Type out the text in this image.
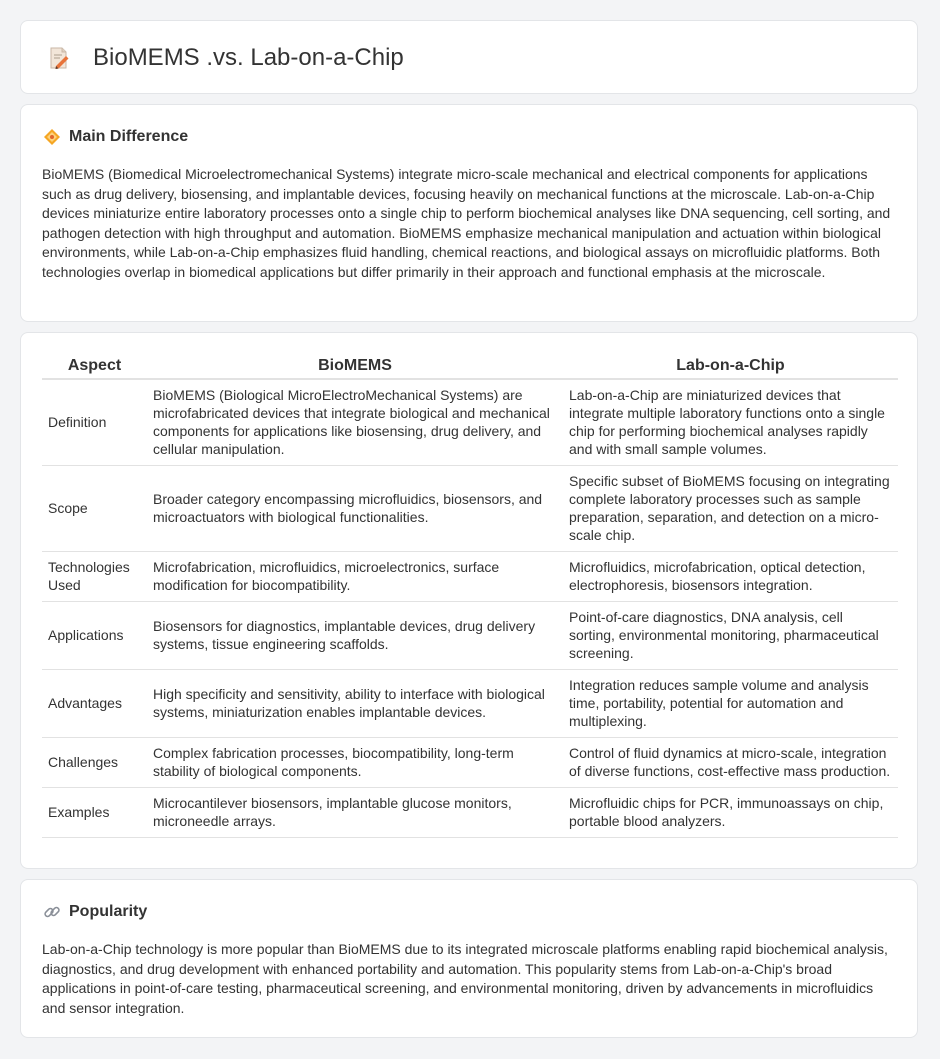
BioMEMS .vs. Lab-on-a-Chip
Main Difference

BioMEMS (Biomedical Microelectromechanical Systems) integrate micro-scale mechanical and electrical components for applications such as drug delivery, biosensing, and implantable devices, focusing heavily on mechanical functions at the microscale. Lab-on-a-Chip devices miniaturize entire laboratory processes onto a single chip to perform biochemical analyses like DNA sequencing, cell sorting, and pathogen detection with high throughput and automation. BioMEMS emphasize mechanical manipulation and actuation within biological environments, while Lab-on-a-Chip emphasizes fluid handling, chemical reactions, and biological assays on microfluidic platforms. Both technologies overlap in biomedical applications but differ primarily in their approach and functional emphasis at the microscale.

Aspect	BioMEMS	Lab-on-a-Chip
Definition	BioMEMS (Biological MicroElectroMechanical Systems) are microfabricated devices that integrate biological and mechanical components for applications like biosensing, drug delivery, and cellular manipulation.	Lab-on-a-Chip are miniaturized devices that integrate multiple laboratory functions onto a single chip for performing biochemical analyses rapidly and with small sample volumes.
Scope	Broader category encompassing microfluidics, biosensors, and microactuators with biological functionalities.	Specific subset of BioMEMS focusing on integrating complete laboratory processes such as sample preparation, separation, and detection on a micro-scale chip.
Technologies Used	Microfabrication, microfluidics, microelectronics, surface modification for biocompatibility.	Microfluidics, microfabrication, optical detection, electrophoresis, biosensors integration.
Applications	Biosensors for diagnostics, implantable devices, drug delivery systems, tissue engineering scaffolds.	Point-of-care diagnostics, DNA analysis, cell sorting, environmental monitoring, pharmaceutical screening.
Advantages	High specificity and sensitivity, ability to interface with biological systems, miniaturization enables implantable devices.	Integration reduces sample volume and analysis time, portability, potential for automation and multiplexing.
Challenges	Complex fabrication processes, biocompatibility, long-term stability of biological components.	Control of fluid dynamics at micro-scale, integration of diverse functions, cost-effective mass production.
Examples	Microcantilever biosensors, implantable glucose monitors, microneedle arrays.	Microfluidic chips for PCR, immunoassays on chip, portable blood analyzers.
Popularity

Lab-on-a-Chip technology is more popular than BioMEMS due to its integrated microscale platforms enabling rapid biochemical analysis, diagnostics, and drug development with enhanced portability and automation. This popularity stems from Lab-on-a-Chip's broad applications in point-of-care testing, pharmaceutical screening, and environmental monitoring, driven by advancements in microfluidics and sensor integration.
